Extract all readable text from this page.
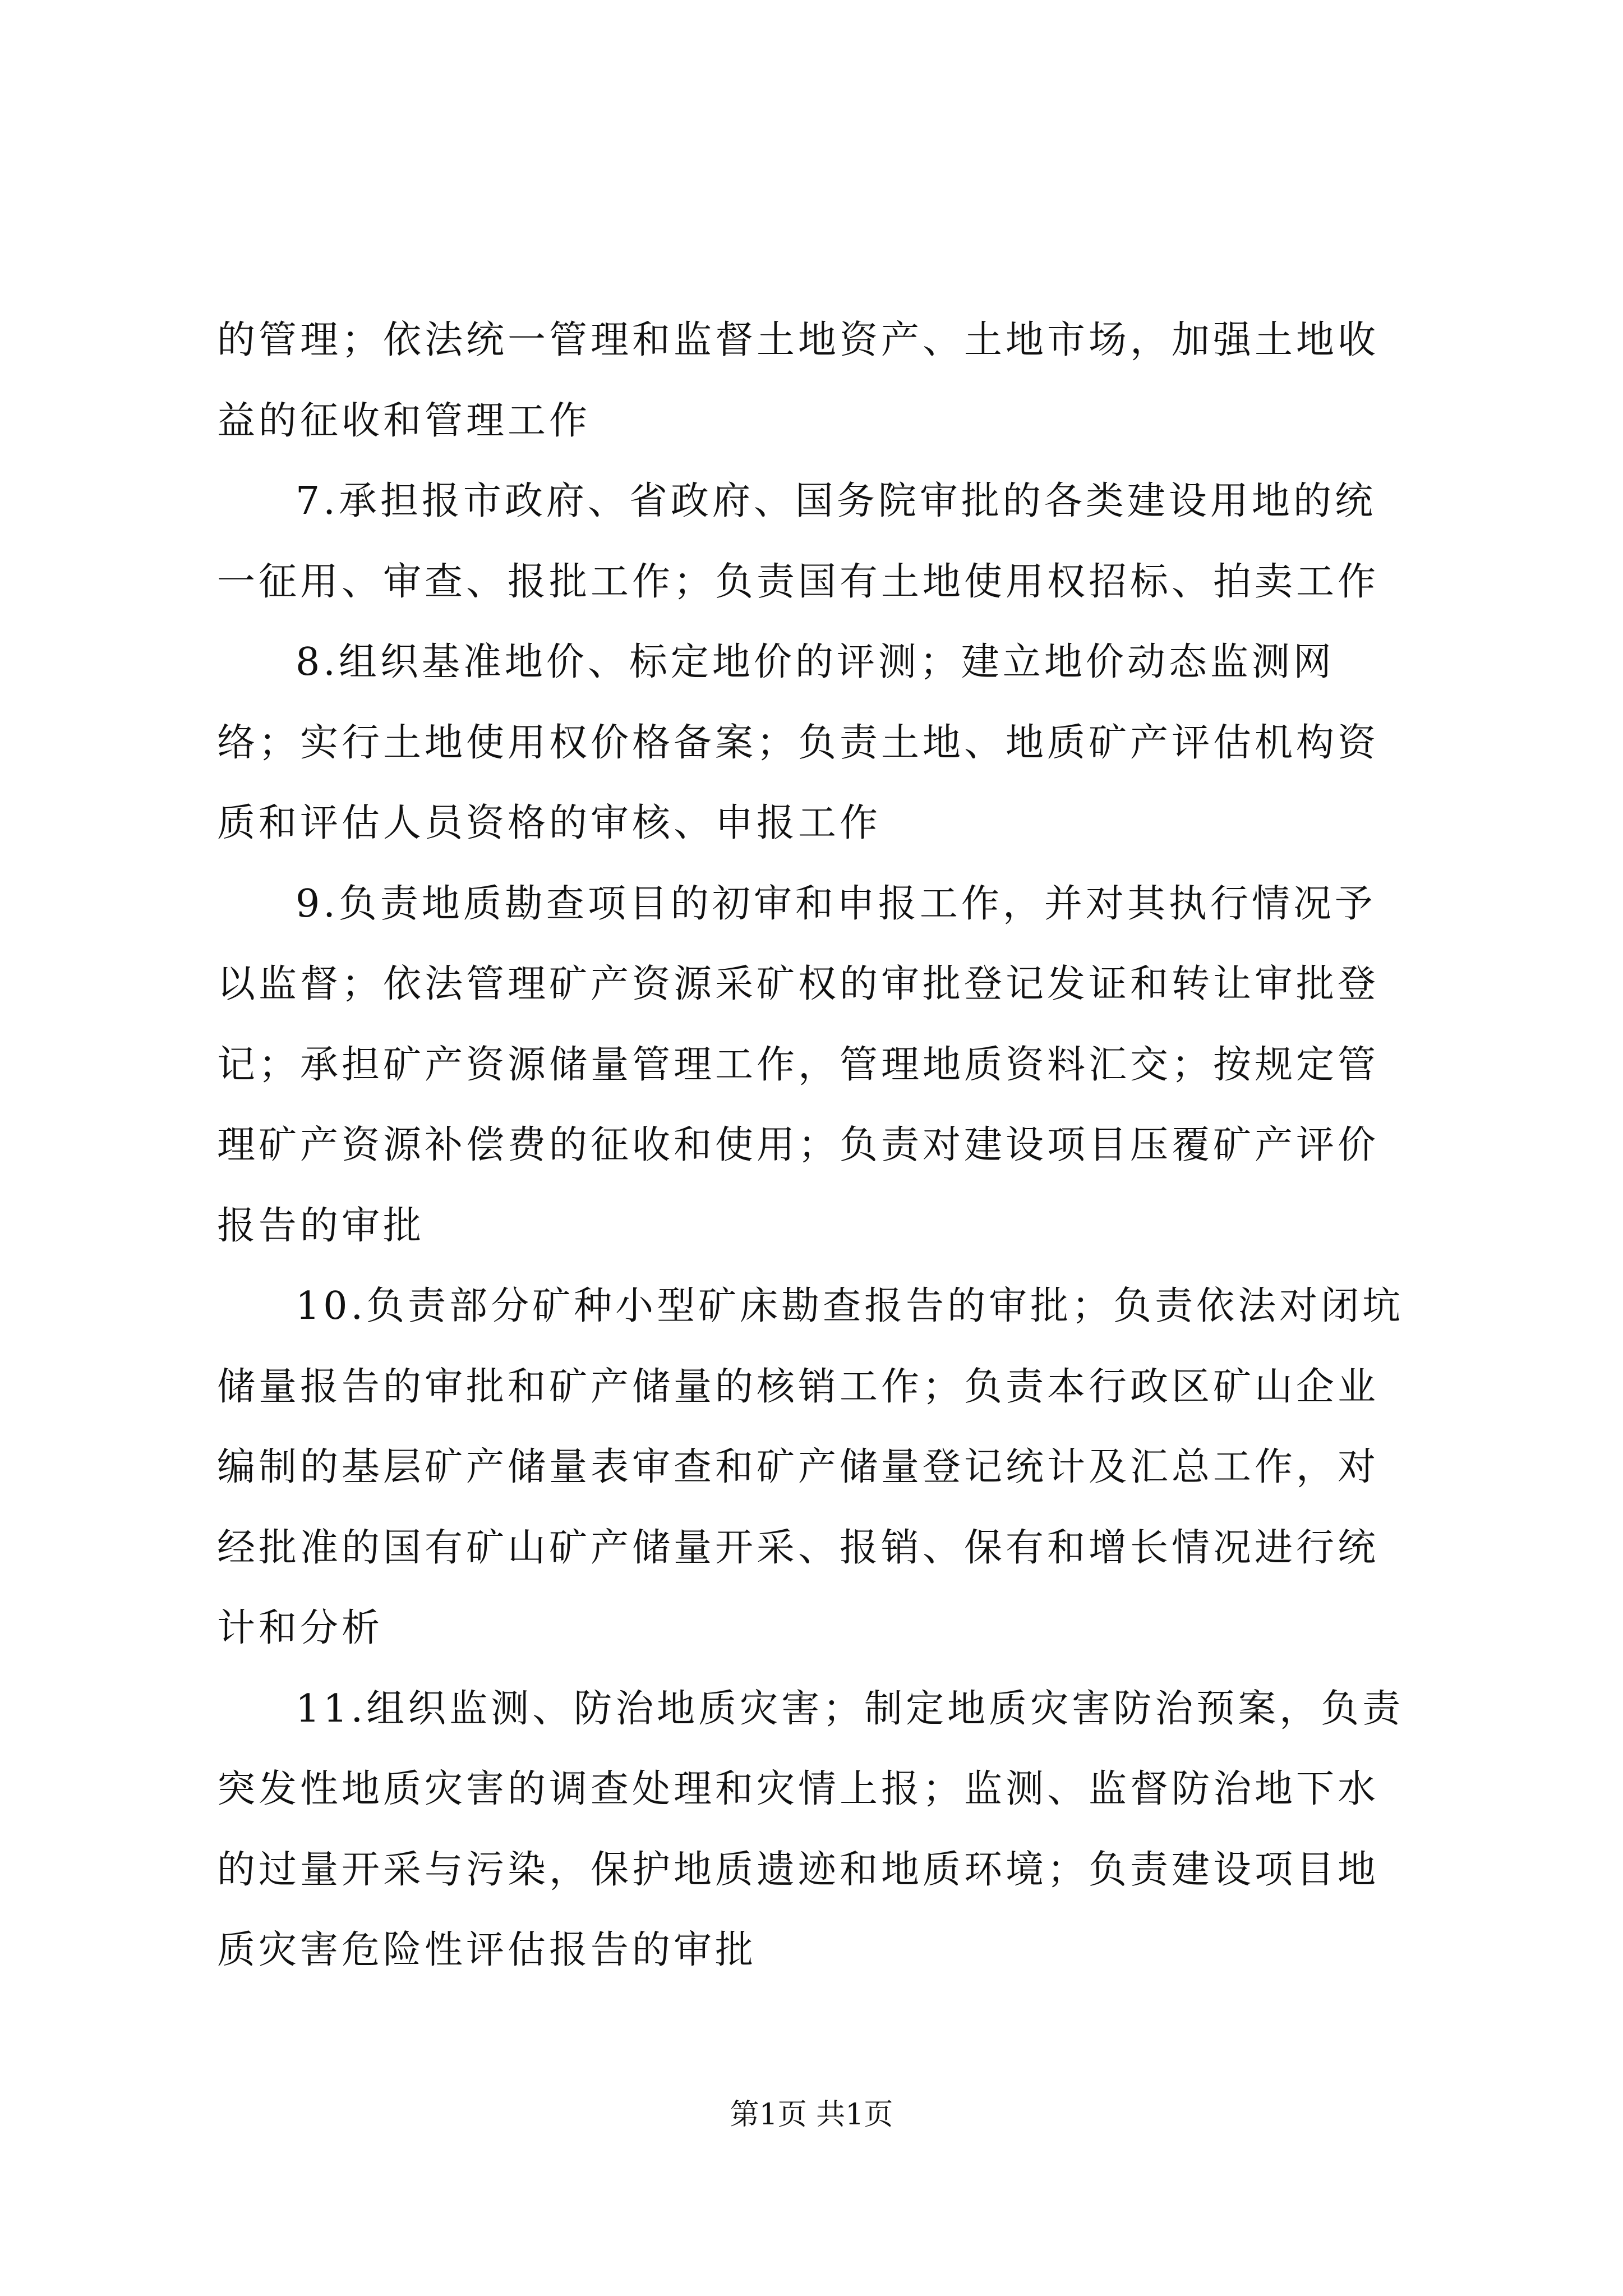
的管理；依法统一管理和监督土地资产、土地市场，加强土地收益的征收和管理工作

7.承担报市政府、省政府、国务院审批的各类建设用地的统一征用、审查、报批工作；负责国有土地使用权招标、拍卖工作

8.组织基准地价、标定地价的评测；建立地价动态监测网络；实行土地使用权价格备案；负责土地、地质矿产评估机构资质和评估人员资格的审核、申报工作

9.负责地质勘查项目的初审和申报工作，并对其执行情况予以监督；依法管理矿产资源采矿权的审批登记发证和转让审批登记；承担矿产资源储量管理工作，管理地质资料汇交；按规定管理矿产资源补偿费的征收和使用；负责对建设项目压覆矿产评价报告的审批

10.负责部分矿种小型矿床勘查报告的审批；负责依法对闭坑储量报告的审批和矿产储量的核销工作；负责本行政区矿山企业编制的基层矿产储量表审查和矿产储量登记统计及汇总工作，对经批准的国有矿山矿产储量开采、报销、保有和增长情况进行统计和分析

11.组织监测、防治地质灾害；制定地质灾害防治预案，负责突发性地质灾害的调查处理和灾情上报；监测、监督防治地下水的过量开采与污染，保护地质遗迹和地质环境；负责建设项目地质灾害危险性评估报告的审批

第1页 共1页
